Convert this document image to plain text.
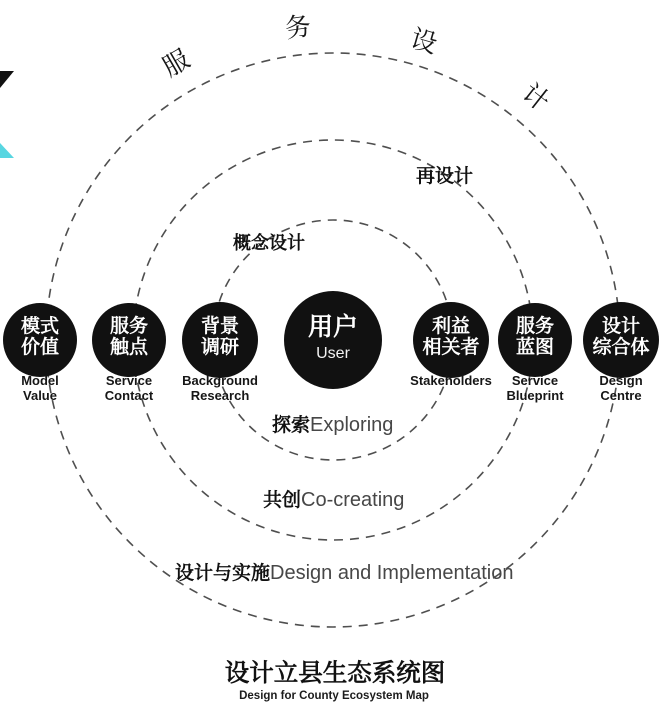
服
务	设
计
再设计
概念设计
探索Exploring
共创Co-creating
设计与实施Design and Implementation
模式
价值
Model
Value
服务
触点
Service
Contact
背景
调研
Background
Research
用户
User
利益
相关者
Stakeholders
服务
蓝图
Service
Blueprint
设计
综合体
Design
Centre
设计立县生态系统图
Design for County Ecosystem Map
